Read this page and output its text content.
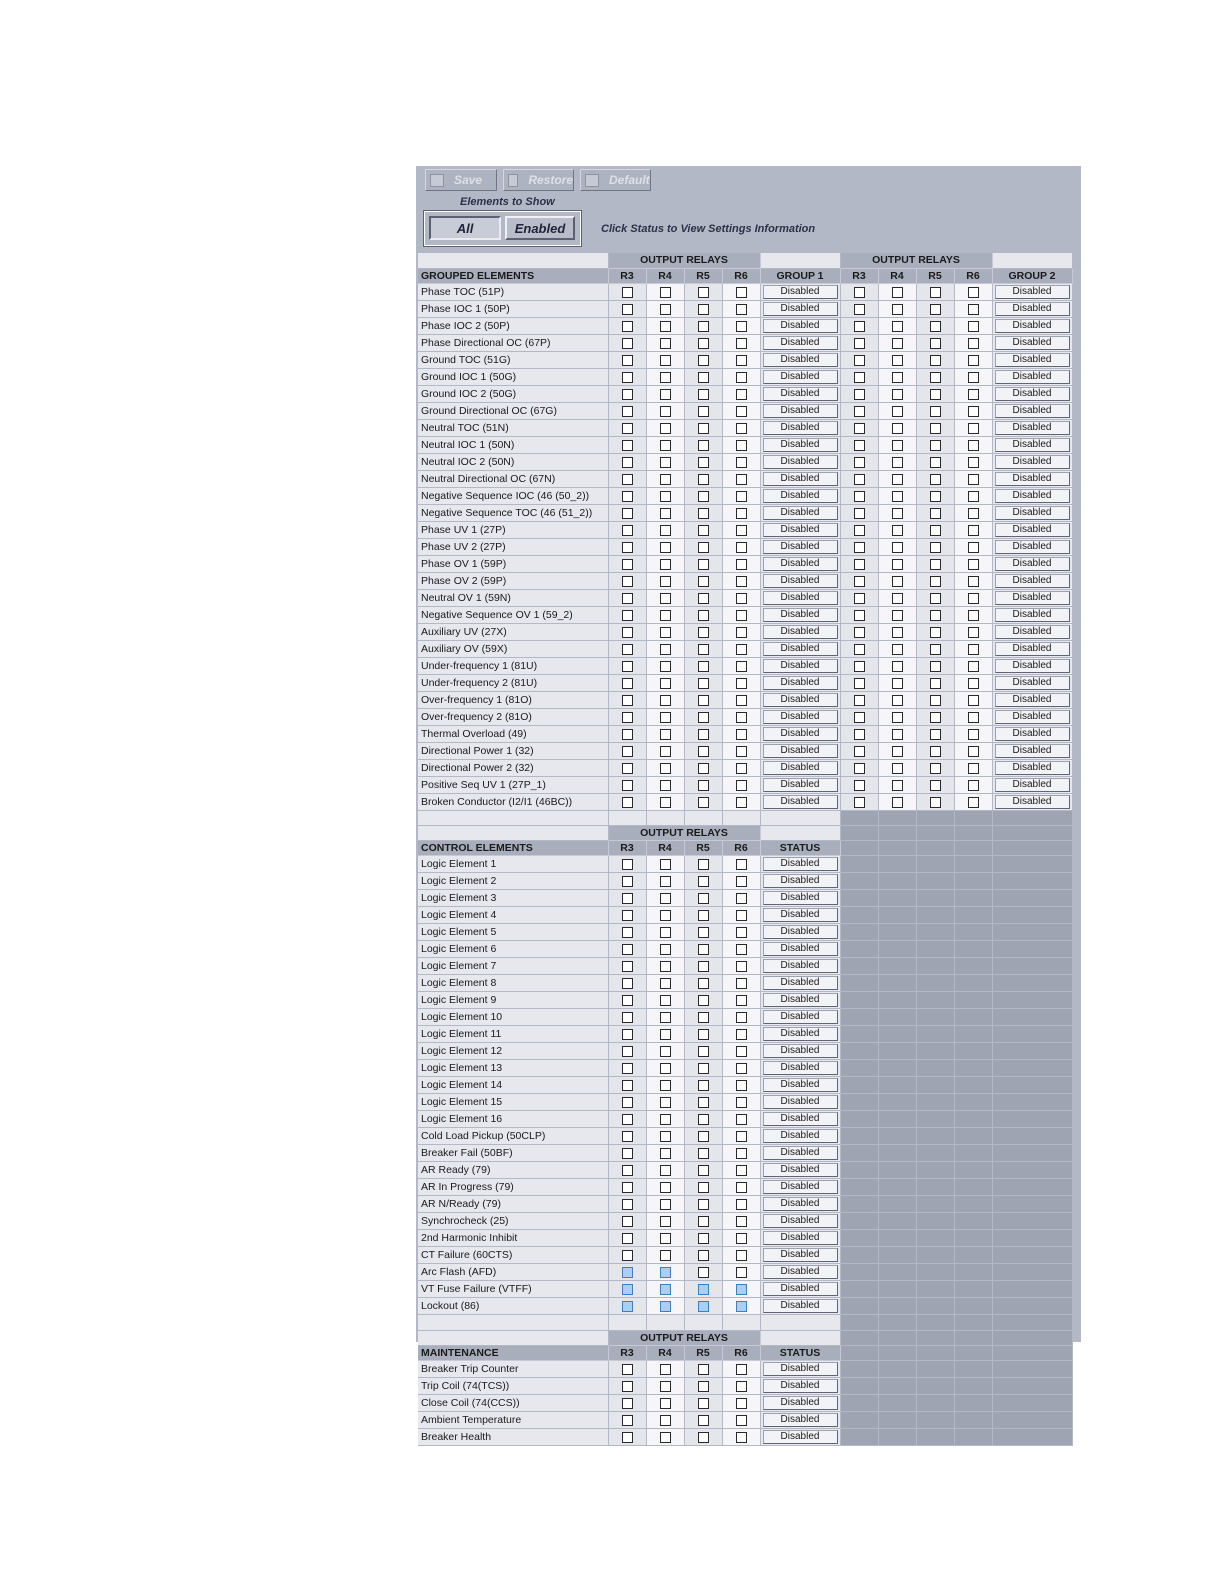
Save	Restore	Default
Elements to Show
All	Enabled	Click Status to View Settings Information
	OUTPUT RELAYS					OUTPUT RELAYS				
GROUPED ELEMENTS	R3	R4	R5	R6	GROUP 1	R3	R4	R5	R6	GROUP 2
Phase TOC (51P)					Disabled					Disabled

Phase IOC 1 (50P)					Disabled					Disabled

Phase IOC 2 (50P)					Disabled					Disabled

Phase Directional OC (67P)					Disabled					Disabled

Ground TOC (51G)					Disabled					Disabled

Ground IOC 1 (50G)					Disabled					Disabled

Ground IOC 2 (50G)					Disabled					Disabled

Ground Directional OC (67G)					Disabled					Disabled

Neutral TOC (51N)					Disabled					Disabled

Neutral IOC 1 (50N)					Disabled					Disabled

Neutral IOC 2 (50N)					Disabled					Disabled

Neutral Directional OC (67N)					Disabled					Disabled

Negative Sequence IOC (46 (50_2))					Disabled					Disabled

Negative Sequence TOC (46 (51_2))					Disabled					Disabled

Phase UV 1 (27P)					Disabled					Disabled

Phase UV 2 (27P)					Disabled					Disabled

Phase OV 1 (59P)					Disabled					Disabled

Phase OV 2 (59P)					Disabled					Disabled

Neutral OV 1 (59N)					Disabled					Disabled

Negative Sequence OV 1 (59_2)					Disabled					Disabled

Auxiliary UV (27X)					Disabled					Disabled

Auxiliary OV (59X)					Disabled					Disabled

Under-frequency 1 (81U)					Disabled					Disabled

Under-frequency 2 (81U)					Disabled					Disabled

Over-frequency 1 (81O)					Disabled					Disabled

Over-frequency 2 (81O)					Disabled					Disabled

Thermal Overload (49)					Disabled					Disabled

Directional Power 1 (32)					Disabled					Disabled

Directional Power 2 (32)					Disabled					Disabled

Positive Seq UV 1 (27P_1)					Disabled					Disabled

Broken Conductor (I2/I1 (46BC))					Disabled					Disabled

	OUTPUT RELAYS									
CONTROL ELEMENTS	R3	R4	R5	R6	STATUS					
Logic Element 1					Disabled					

Logic Element 2					Disabled					

Logic Element 3					Disabled					

Logic Element 4					Disabled					

Logic Element 5					Disabled					

Logic Element 6					Disabled					

Logic Element 7					Disabled					

Logic Element 8					Disabled					

Logic Element 9					Disabled					

Logic Element 10					Disabled					

Logic Element 11					Disabled					

Logic Element 12					Disabled					

Logic Element 13					Disabled					

Logic Element 14					Disabled					

Logic Element 15					Disabled					

Logic Element 16					Disabled					

Cold Load Pickup (50CLP)					Disabled					

Breaker Fail (50BF)					Disabled					

AR Ready (79)					Disabled					

AR In Progress (79)					Disabled					

AR N/Ready (79)					Disabled					

Synchrocheck (25)					Disabled					

2nd Harmonic Inhibit					Disabled					

CT Failure (60CTS)					Disabled					

Arc Flash (AFD)					Disabled					

VT Fuse Failure (VTFF)					Disabled					

Lockout (86)					Disabled					

	OUTPUT RELAYS									
MAINTENANCE	R3	R4	R5	R6	STATUS					
Breaker Trip Counter					Disabled					

Trip Coil (74(TCS))					Disabled					

Close Coil (74(CCS))					Disabled					

Ambient Temperature					Disabled					

Breaker Health					Disabled					
